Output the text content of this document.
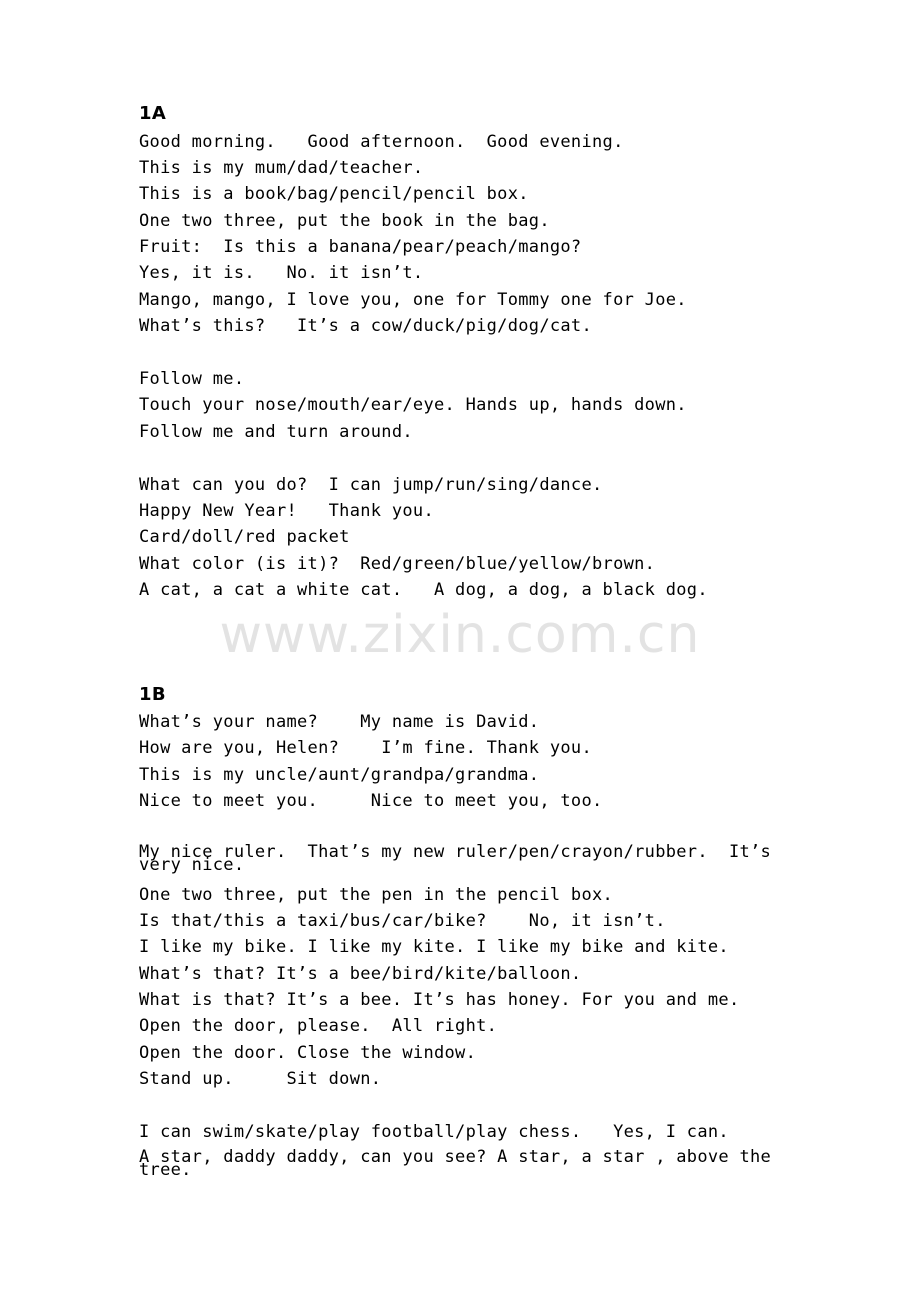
www.zixin.com.cn
1A
Good morning.   Good afternoon.  Good evening.
This is my mum/dad/teacher.
This is a book/bag/pencil/pencil box.
One two three, put the book in the bag.
Fruit:  Is this a banana/pear/peach/mango?
Yes, it is.   No. it isn’t.
Mango, mango, I love you, one for Tommy one for Joe.
What’s this?   It’s a cow/duck/pig/dog/cat.
Follow me.
Touch your nose/mouth/ear/eye. Hands up, hands down.
Follow me and turn around.
What can you do?  I can jump/run/sing/dance.
Happy New Year!   Thank you.
Card/doll/red packet
What color (is it)?  Red/green/blue/yellow/brown.
A cat, a cat a white cat.   A dog, a dog, a black dog.
1B
What’s your name?    My name is David.
How are you, Helen?    I’m fine. Thank you.
This is my uncle/aunt/grandpa/grandma.
Nice to meet you.     Nice to meet you, too.
My nice ruler.  That’s my new ruler/pen/crayon/rubber.  It’s very nice.
One two three, put the pen in the pencil box.
Is that/this a taxi/bus/car/bike?    No, it isn’t.
I like my bike. I like my kite. I like my bike and kite.
What’s that? It’s a bee/bird/kite/balloon.
What is that? It’s a bee. It’s has honey. For you and me.
Open the door, please.  All right.
Open the door. Close the window.
Stand up.     Sit down.
I can swim/skate/play football/play chess.   Yes, I can.
A star, daddy daddy, can you see? A star, a star , above the tree.
